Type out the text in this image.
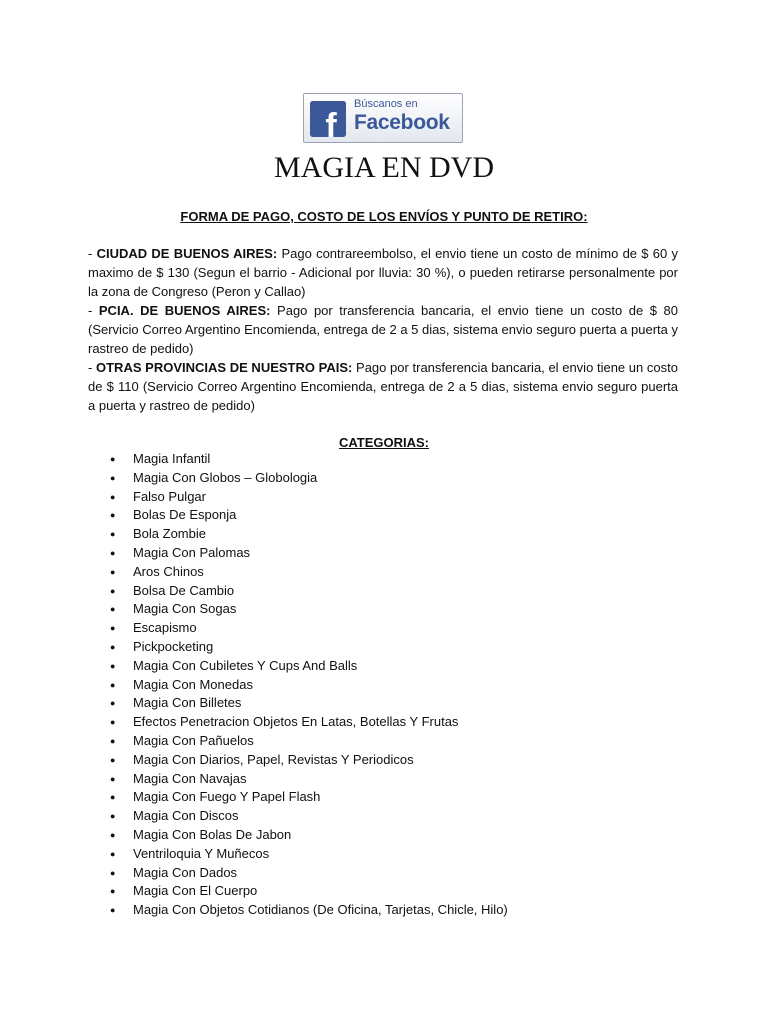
f
Búscanos en
Facebook
MAGIA EN DVD
FORMA DE PAGO, COSTO DE LOS ENVÍOS Y PUNTO DE RETIRO:

- CIUDAD DE BUENOS AIRES: Pago contrareembolso, el envio tiene un costo de mínimo de $ 60 y maximo de $ 130 (Segun el barrio - Adicional por lluvia: 30 %), o pueden retirarse personalmente por la zona de Congreso (Peron y Callao)

- PCIA. DE BUENOS AIRES: Pago por transferencia bancaria, el envio tiene un costo de $ 80 (Servicio Correo Argentino Encomienda, entrega de 2 a 5 dias, sistema envio seguro puerta a puerta y rastreo de pedido)

- OTRAS PROVINCIAS DE NUESTRO PAIS: Pago por transferencia bancaria, el envio tiene un costo de $ 110 (Servicio Correo Argentino Encomienda, entrega de 2 a 5 dias, sistema envio seguro puerta a puerta y rastreo de pedido)

CATEGORIAS:
● Magia Infantil
● Magia Con Globos – Globologia
● Falso Pulgar
● Bolas De Esponja
● Bola Zombie
● Magia Con Palomas
● Aros Chinos
● Bolsa De Cambio
● Magia Con Sogas
● Escapismo
● Pickpocketing
● Magia Con Cubiletes Y Cups And Balls
● Magia Con Monedas
● Magia Con Billetes
● Efectos Penetracion Objetos En Latas, Botellas Y Frutas
● Magia Con Pañuelos
● Magia Con Diarios, Papel, Revistas Y Periodicos
● Magia Con Navajas
● Magia Con Fuego Y Papel Flash
● Magia Con Discos
● Magia Con Bolas De Jabon
● Ventriloquia Y Muñecos
● Magia Con Dados
● Magia Con El Cuerpo
● Magia Con Objetos Cotidianos (De Oficina, Tarjetas, Chicle, Hilo)
